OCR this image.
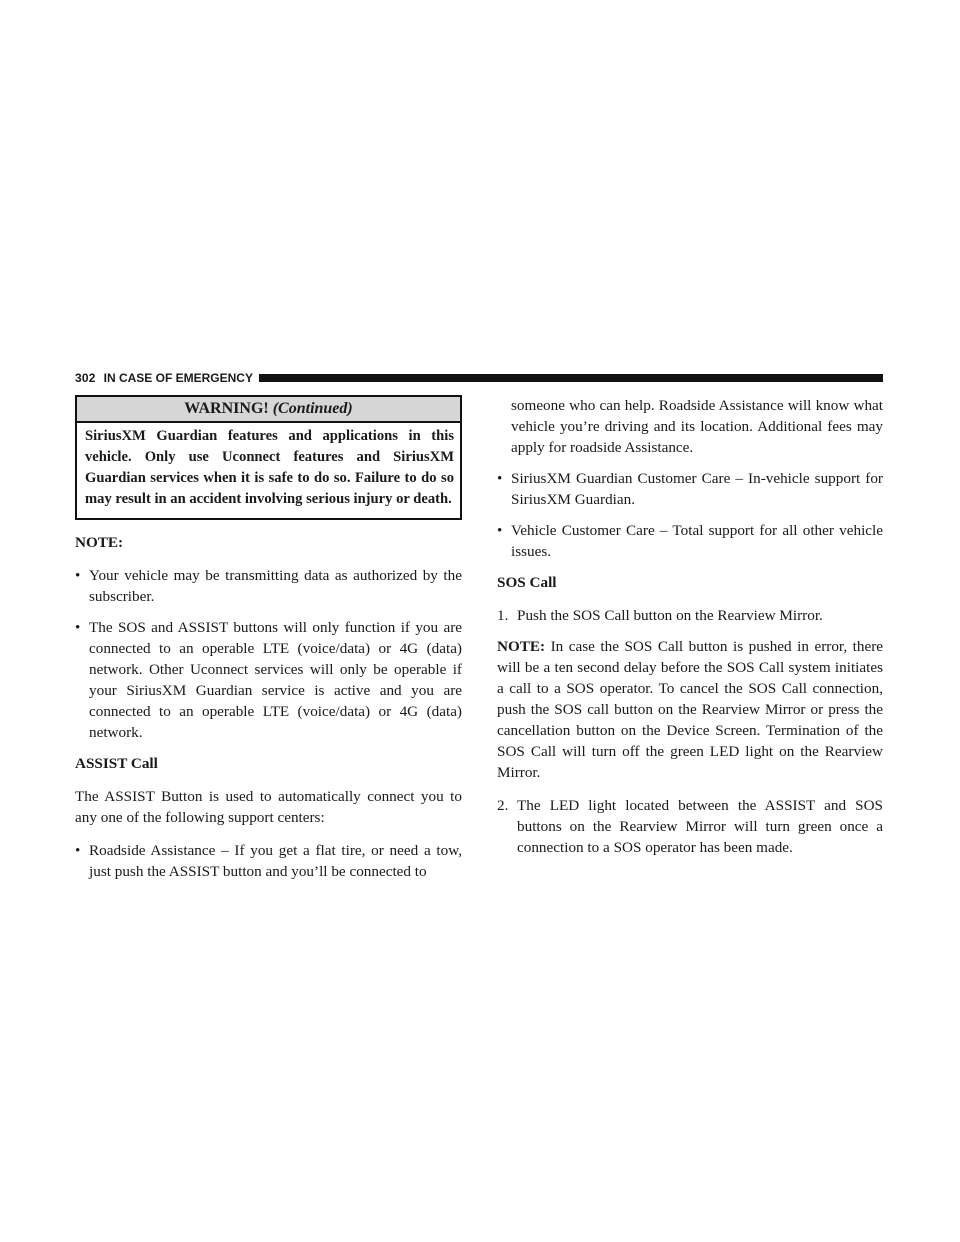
302 IN CASE OF EMERGENCY
WARNING! (Continued)
SiriusXM Guardian features and applications in this vehicle. Only use Uconnect features and SiriusXM Guardian services when it is safe to do so. Failure to do so may result in an accident involving serious injury or death.

NOTE:

• Your vehicle may be transmitting data as authorized by the subscriber.
• The SOS and ASSIST buttons will only function if you are connected to an operable LTE (voice/data) or 4G (data) network. Other Uconnect services will only be operable if your SiriusXM Guardian service is active and you are connected to an operable LTE (voice/data) or 4G (data) network.

ASSIST Call

The ASSIST Button is used to automatically connect you to any one of the following support centers:

• Roadside Assistance – If you get a flat tire, or need a tow, just push the ASSIST button and you’ll be connected to
someone who can help. Roadside Assistance will know what vehicle you’re driving and its location. Additional fees may apply for roadside Assistance.
• SiriusXM Guardian Customer Care – In-vehicle support for SiriusXM Guardian.
• Vehicle Customer Care – Total support for all other vehicle issues.

SOS Call

1. Push the SOS Call button on the Rearview Mirror.

NOTE: In case the SOS Call button is pushed in error, there will be a ten second delay before the SOS Call system initiates a call to a SOS operator. To cancel the SOS Call connection, push the SOS call button on the Rearview Mirror or press the cancellation button on the Device Screen. Termination of the SOS Call will turn off the green LED light on the Rearview Mirror.

2. The LED light located between the ASSIST and SOS buttons on the Rearview Mirror will turn green once a connection to a SOS operator has been made.
